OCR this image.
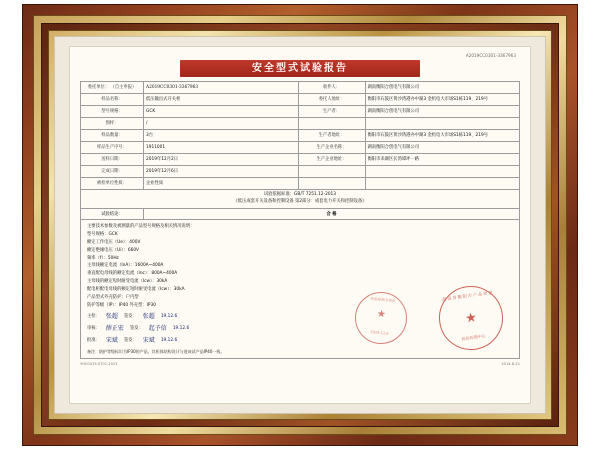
A2019CC0301-3367963
安全型式试验报告
委托单位： （自主申报）	A2019CC0301-3367963	收件人：	湖南衡阳合创电气有限公司
样品名称：	低压输出式开关柜	委托人地址：	衡阳市石鼓区黄沙湾港办中湖3 金机电大市场S1栋119、219号
型号规格：	GCK	生产者：	湖南衡阳合创电气有限公司
图样：	/		
样品数量：	3台	生产者地址：	衡阳市石鼓区黄沙湾港办中湖3 金机电大市场S1栋119、219号
样品生产序号：	1911001	生产企业名称：	湖南衡阳合创电气有限公司
送样日期：	2019年12月2日	生产企业地址：	衡阳市耒湖区长湾谭坪一路
完成日期：	2019年12月6日		
被检单位性质：	企业性质		
试验依据标准：GB/T 7251.12-2013
《低压成套开关设备和控制设备 第2部分：成套电力开关和控制设备》
试验结论：	合 格
主要技术参数及被测量的产品型号规格及相关情况说明：
型号规格：GCK
额定工作电压（Ue）：400V
额定绝缘电压（Ui）：660V
频率（f）：50Hz
主母线额定电流（InA）：1600A~400A
垂直配电母线的额定电流（Inc）：800A~400A
主母线的额定短时耐受电流（Icw）：30kA
配电柜配电母线的额定短时耐受电流（Icw）：30kA
产品型式外壳防护：户内型
防护等级（IP）：IP40 外壳型：IP30
主检： 张超 签发： 张超 19.12.6
审核： 薛正宏 签发： 起予信 19.12.6
批准： 宋斌 签发： 宋斌 19.12.6
检验检测专用章
★
2019.12.6
湖南省衡阳市产品质量
★
检验检测中心
备注：防护等级标识为IP30的产品，其柜体结构设计与进该试产品IP40一致。
YHC0419-0701-2013	2014-8-21
